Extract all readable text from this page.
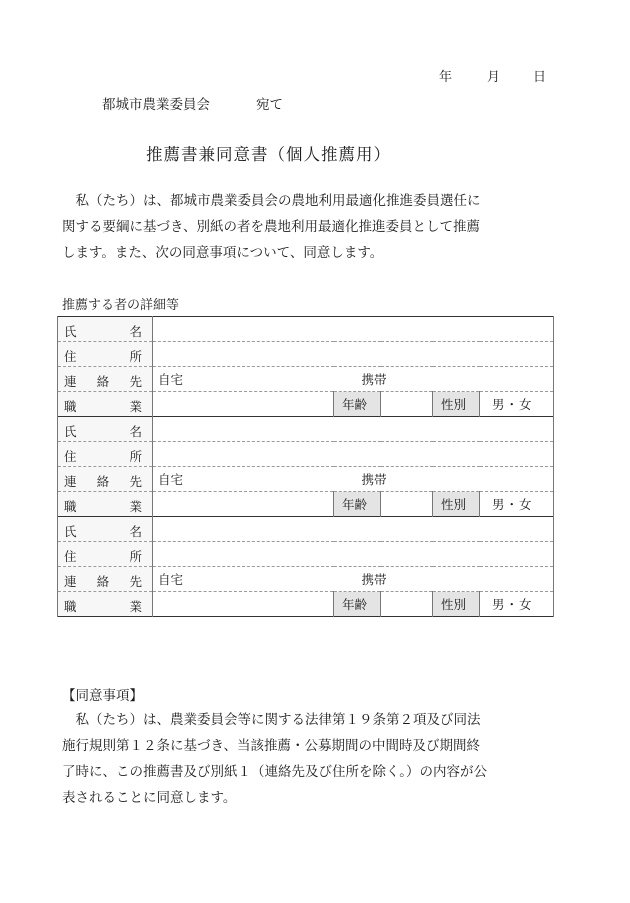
年	月	日
都城市農業委員会	宛て
推薦書兼同意書（個人推薦用）

　私（たち）は、都城市農業委員会の農地利用最適化推進委員選任に

関する要綱に基づき、別紙の者を農地利用最適化推進委員として推薦

します。また、次の同意事項について、同意します。

推薦する者の詳細等
氏 名					

住 所					

連 絡 先	自宅	携帯			

職 業		年齢		性別	男・女

氏 名					

住 所					

連 絡 先	自宅	携帯			

職 業		年齢		性別	男・女

氏 名					

住 所					

連 絡 先	自宅	携帯			

職 業		年齢		性別	男・女
【同意事項】

　私（たち）は、農業委員会等に関する法律第１９条第２項及び同法

施行規則第１２条に基づき、当該推薦・公募期間の中間時及び期間終

了時に、この推薦書及び別紙１（連絡先及び住所を除く。）の内容が公

表されることに同意します。
